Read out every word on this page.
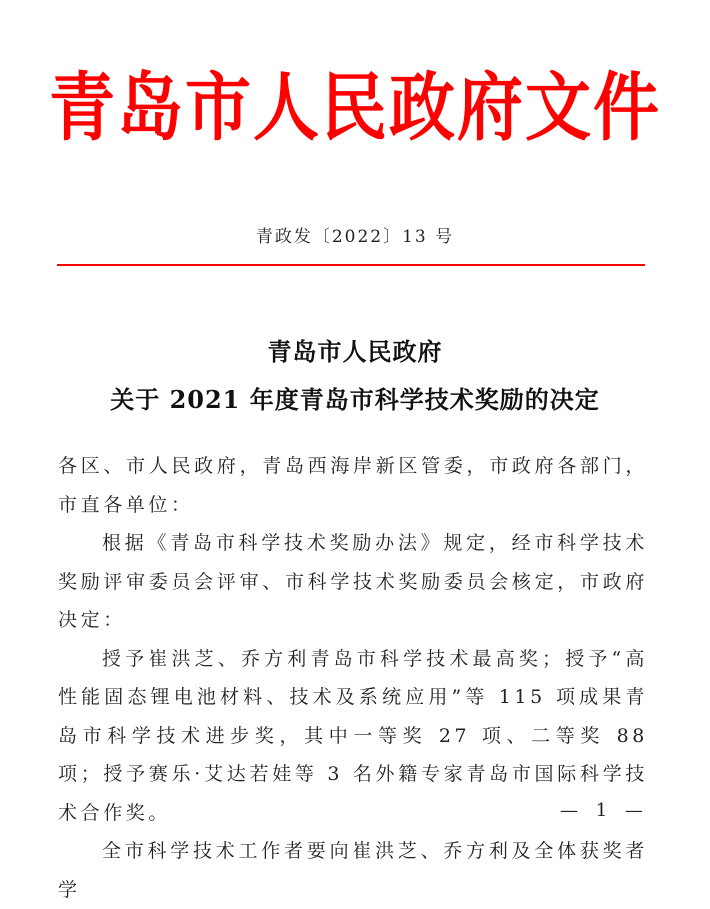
青岛市人民政府文件
青政发〔2022〕13 号
青岛市人民政府
关于 2021 年度青岛市科学技术奖励的决定

各区、市人民政府，青岛西海岸新区管委，市政府各部门，市直各单位：

根据《青岛市科学技术奖励办法》规定，经市科学技术奖励评审委员会评审、市科学技术奖励委员会核定，市政府决定：

授予崔洪芝、乔方利青岛市科学技术最高奖；授予“高性能固态锂电池材料、技术及系统应用”等 115 项成果青岛市科学技术进步奖，其中一等奖 27 项、二等奖 88 项；授予赛乐·艾达若娃等 3 名外籍专家青岛市国际科学技术合作奖。

全市科学技术工作者要向崔洪芝、乔方利及全体获奖者学

— 1 —
